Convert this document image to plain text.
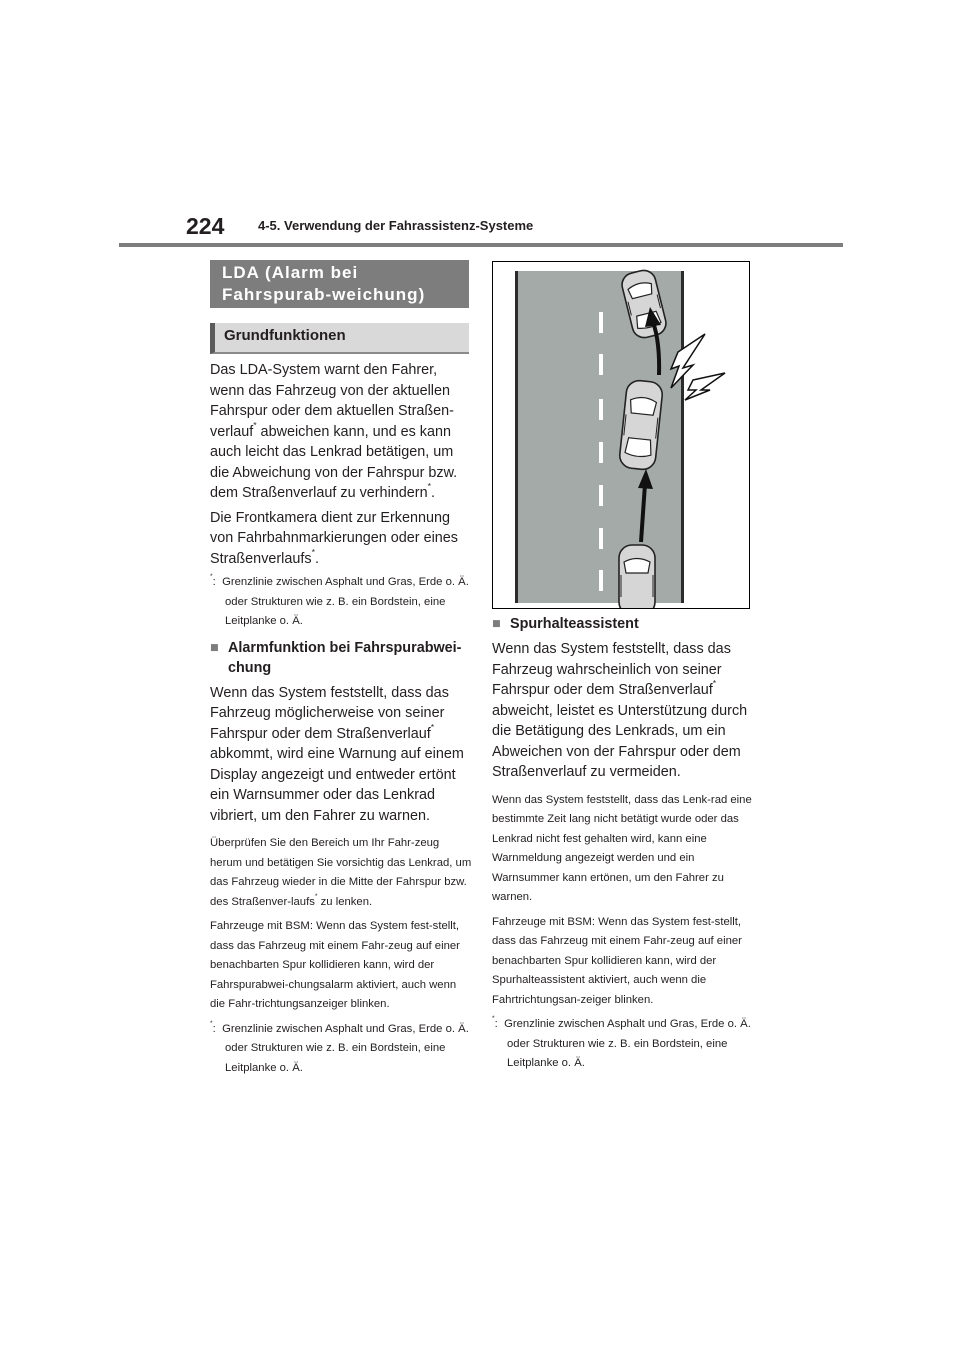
224	4-5. Verwendung der Fahrassistenz-Systeme
LDA (Alarm bei Fahrspurab-weichung)
Grundfunktionen

Das LDA-System warnt den Fahrer, wenn das Fahrzeug von der aktuellen Fahrspur oder dem aktuellen Straßen-verlauf* abweichen kann, und es kann auch leicht das Lenkrad betätigen, um die Abweichung von der Fahrspur bzw. dem Straßenverlauf zu verhindern*.

Die Frontkamera dient zur Erkennung von Fahrbahnmarkierungen oder eines Straßenverlaufs*.

*: Grenzlinie zwischen Asphalt und Gras, Erde o. Ä. oder Strukturen wie z. B. ein Bordstein, eine Leitplanke o. Ä.

■ Alarmfunktion bei Fahrspurabwei-chung

Wenn das System feststellt, dass das Fahrzeug möglicherweise von seiner Fahrspur oder dem Straßenverlauf* abkommt, wird eine Warnung auf einem Display angezeigt und entweder ertönt ein Warnsummer oder das Lenkrad vibriert, um den Fahrer zu warnen.

Überprüfen Sie den Bereich um Ihr Fahr-zeug herum und betätigen Sie vorsichtig das Lenkrad, um das Fahrzeug wieder in die Mitte der Fahrspur bzw. des Straßenver-laufs* zu lenken.

Fahrzeuge mit BSM: Wenn das System fest-stellt, dass das Fahrzeug mit einem Fahr-zeug auf einer benachbarten Spur kollidieren kann, wird der Fahrspurabwei-chungsalarm aktiviert, auch wenn die Fahr-trichtungsanzeiger blinken.

*: Grenzlinie zwischen Asphalt und Gras, Erde o. Ä. oder Strukturen wie z. B. ein Bordstein, eine Leitplanke o. Ä.

■ Spurhalteassistent

Wenn das System feststellt, dass das Fahrzeug wahrscheinlich von seiner Fahrspur oder dem Straßenverlauf* abweicht, leistet es Unterstützung durch die Betätigung des Lenkrads, um ein Abweichen von der Fahrspur oder dem Straßenverlauf zu vermeiden.

Wenn das System feststellt, dass das Lenk-rad eine bestimmte Zeit lang nicht betätigt wurde oder das Lenkrad nicht fest gehalten wird, kann eine Warnmeldung angezeigt werden und ein Warnsummer kann ertönen, um den Fahrer zu warnen.

Fahrzeuge mit BSM: Wenn das System fest-stellt, dass das Fahrzeug mit einem Fahr-zeug auf einer benachbarten Spur kollidieren kann, wird der Spurhalteassistent aktiviert, auch wenn die Fahrtrichtungsan-zeiger blinken.

*: Grenzlinie zwischen Asphalt und Gras, Erde o. Ä. oder Strukturen wie z. B. ein Bordstein, eine Leitplanke o. Ä.
